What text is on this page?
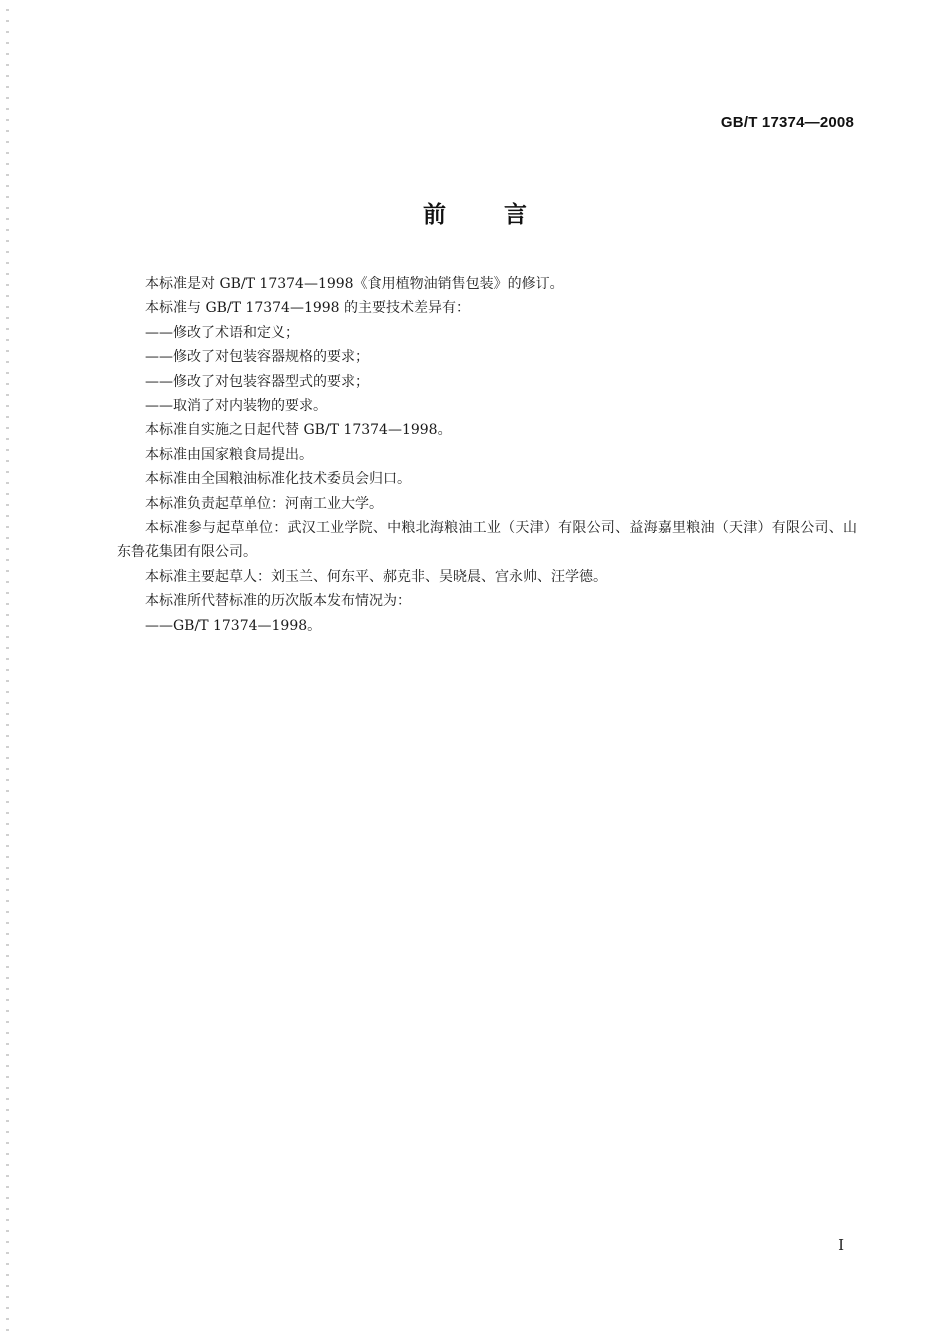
GB/T 17374—2008
前言

本标准是对 GB/T 17374—1998《食用植物油销售包装》的修订。

本标准与 GB/T 17374—1998 的主要技术差异有：

——修改了术语和定义；

——修改了对包装容器规格的要求；

——修改了对包装容器型式的要求；

——取消了对内装物的要求。

本标准自实施之日起代替 GB/T 17374—1998。

本标准由国家粮食局提出。

本标准由全国粮油标准化技术委员会归口。

本标准负责起草单位：河南工业大学。

本标准参与起草单位：武汉工业学院、中粮北海粮油工业（天津）有限公司、益海嘉里粮油（天津）有限公司、山东鲁花集团有限公司。

本标准主要起草人：刘玉兰、何东平、郝克非、吴晓晨、宫永帅、汪学德。

本标准所代替标准的历次版本发布情况为：

——GB/T 17374—1998。

I
